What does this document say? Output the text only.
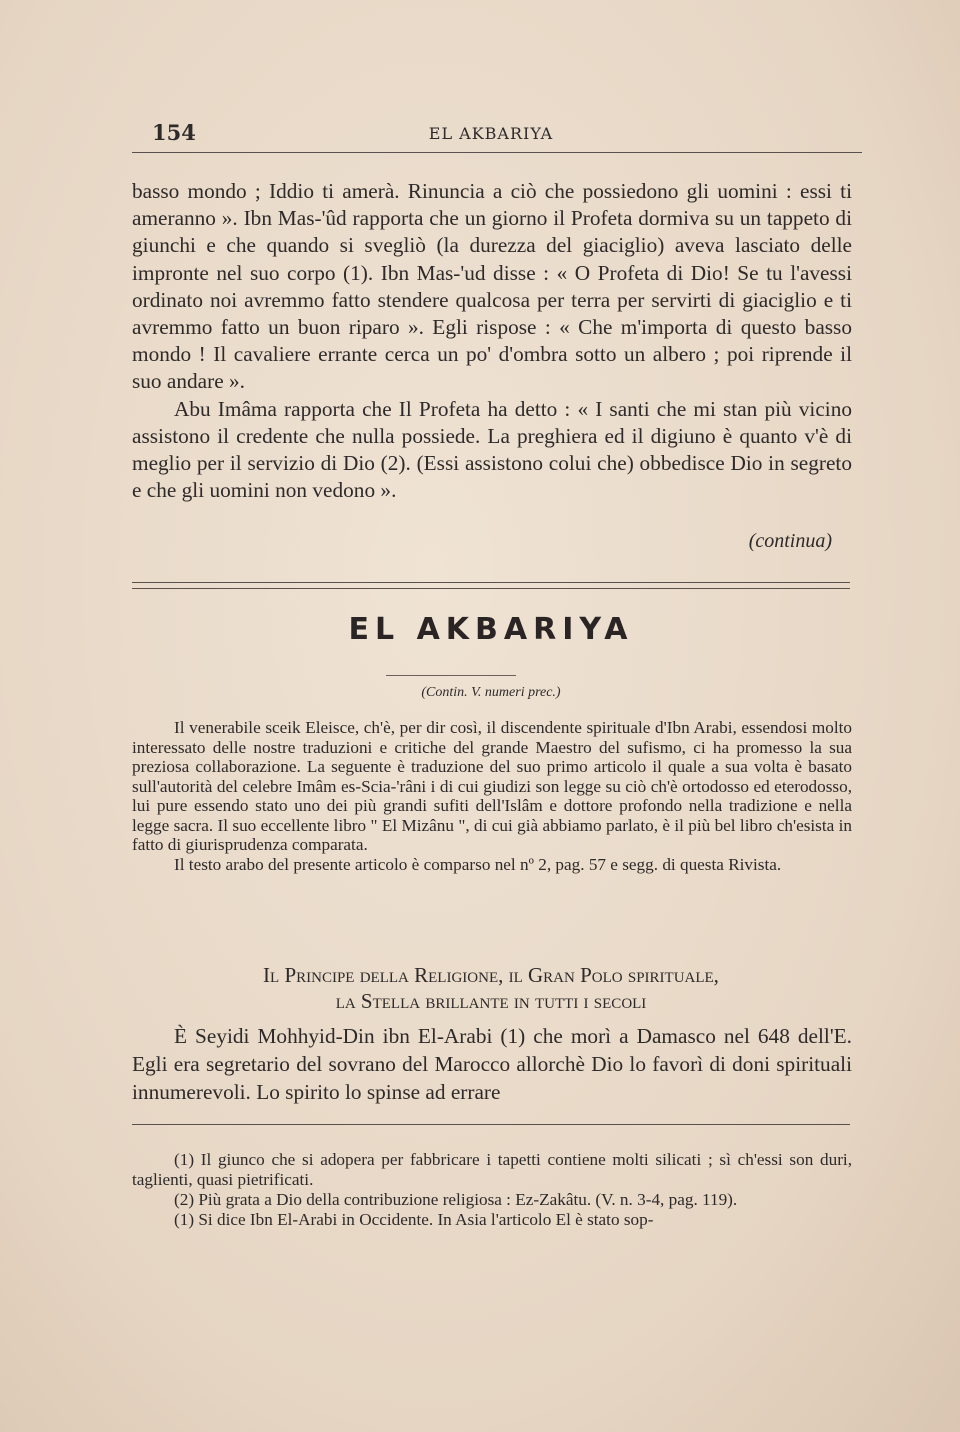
154	EL AKBARIYA

basso mondo ; Iddio ti amerà. Rinuncia a ciò che possiedono gli uomini : essi ti ameranno ». Ibn Mas-'ûd rapporta che un giorno il Profeta dormiva su un tappeto di giunchi e che quando si svegliò (la durezza del giaciglio) aveva lasciato delle impronte nel suo corpo (1). Ibn Mas-'ud disse : « O Profeta di Dio! Se tu l'avessi ordinato noi avremmo fatto stendere qualcosa per terra per servirti di giaciglio e ti avremmo fatto un buon riparo ». Egli rispose : « Che m'importa di questo basso mondo ! Il cavaliere errante cerca un po' d'ombra sotto un albero ; poi riprende il suo andare ».

Abu Imâma rapporta che Il Profeta ha detto : « I santi che mi stan più vicino assistono il credente che nulla possiede. La preghiera ed il digiuno è quanto v'è di meglio per il servizio di Dio (2). (Essi assistono colui che) obbedisce Dio in segreto e che gli uomini non vedono ».

(continua)
EL AKBARIYA
(Contin. V. numeri prec.)

Il venerabile sceik Eleisce, ch'è, per dir così, il discendente spirituale d'Ibn Arabi, essendosi molto interessato delle nostre traduzioni e critiche del grande Maestro del sufismo, ci ha promesso la sua preziosa collaborazione. La seguente è traduzione del suo primo articolo il quale a sua volta è basato sull'autorità del celebre Imâm es-Scia-'râni i di cui giudizi son legge su ciò ch'è ortodosso ed eterodosso, lui pure essendo stato uno dei più grandi sufiti dell'Islâm e dottore profondo nella tradizione e nella legge sacra. Il suo eccellente libro " El Mizânu ", di cui già abbiamo parlato, è il più bel libro ch'esista in fatto di giurisprudenza comparata.

Il testo arabo del presente articolo è comparso nel nº 2, pag. 57 e segg. di questa Rivista.

Il Principe della Religione, il Gran Polo spirituale,
la Stella brillante in tutti i secoli

È Seyidi Mohhyid-Din ibn El-Arabi (1) che morì a Damasco nel 648 dell'E. Egli era segretario del sovrano del Marocco allorchè Dio lo favorì di doni spirituali innumerevoli. Lo spirito lo spinse ad errare

(1) Il giunco che si adopera per fabbricare i tapetti contiene molti silicati ; sì ch'essi son duri, taglienti, quasi pietrificati.

(2) Più grata a Dio della contribuzione religiosa : Ez-Zakâtu. (V. n. 3-4, pag. 119).

(1) Si dice Ibn El-Arabi in Occidente. In Asia l'articolo El è stato sop-
